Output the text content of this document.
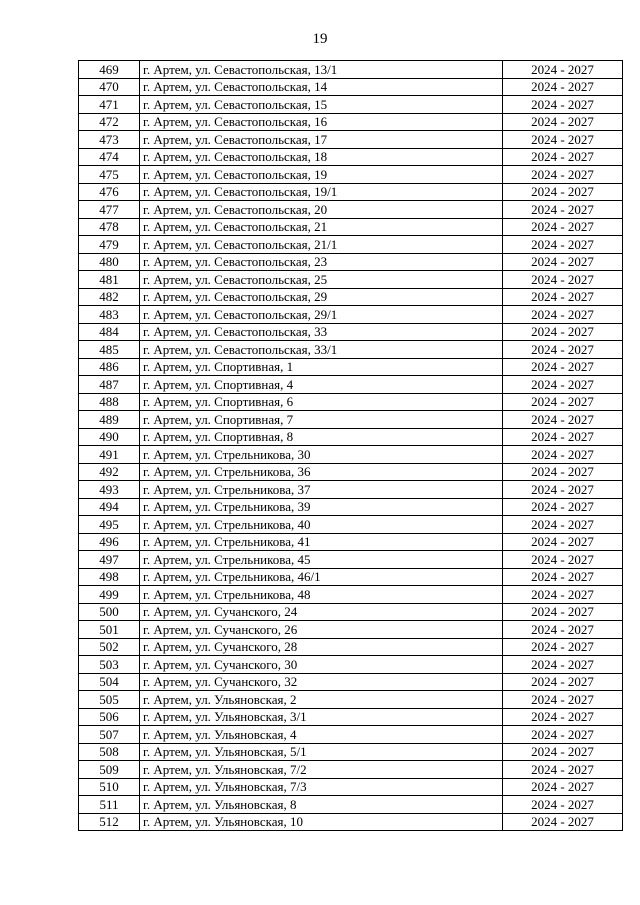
19
469	г. Артем, ул. Севастопольская, 13/1	2024 - 2027
470	г. Артем, ул. Севастопольская, 14	2024 - 2027
471	г. Артем, ул. Севастопольская, 15	2024 - 2027
472	г. Артем, ул. Севастопольская, 16	2024 - 2027
473	г. Артем, ул. Севастопольская, 17	2024 - 2027
474	г. Артем, ул. Севастопольская, 18	2024 - 2027
475	г. Артем, ул. Севастопольская, 19	2024 - 2027
476	г. Артем, ул. Севастопольская, 19/1	2024 - 2027
477	г. Артем, ул. Севастопольская, 20	2024 - 2027
478	г. Артем, ул. Севастопольская, 21	2024 - 2027
479	г. Артем, ул. Севастопольская, 21/1	2024 - 2027
480	г. Артем, ул. Севастопольская, 23	2024 - 2027
481	г. Артем, ул. Севастопольская, 25	2024 - 2027
482	г. Артем, ул. Севастопольская, 29	2024 - 2027
483	г. Артем, ул. Севастопольская, 29/1	2024 - 2027
484	г. Артем, ул. Севастопольская, 33	2024 - 2027
485	г. Артем, ул. Севастопольская, 33/1	2024 - 2027
486	г. Артем, ул. Спортивная, 1	2024 - 2027
487	г. Артем, ул. Спортивная, 4	2024 - 2027
488	г. Артем, ул. Спортивная, 6	2024 - 2027
489	г. Артем, ул. Спортивная, 7	2024 - 2027
490	г. Артем, ул. Спортивная, 8	2024 - 2027
491	г. Артем, ул. Стрельникова, 30	2024 - 2027
492	г. Артем, ул. Стрельникова, 36	2024 - 2027
493	г. Артем, ул. Стрельникова, 37	2024 - 2027
494	г. Артем, ул. Стрельникова, 39	2024 - 2027
495	г. Артем, ул. Стрельникова, 40	2024 - 2027
496	г. Артем, ул. Стрельникова, 41	2024 - 2027
497	г. Артем, ул. Стрельникова, 45	2024 - 2027
498	г. Артем, ул. Стрельникова, 46/1	2024 - 2027
499	г. Артем, ул. Стрельникова, 48	2024 - 2027
500	г. Артем, ул. Сучанского, 24	2024 - 2027
501	г. Артем, ул. Сучанского, 26	2024 - 2027
502	г. Артем, ул. Сучанского, 28	2024 - 2027
503	г. Артем, ул. Сучанского, 30	2024 - 2027
504	г. Артем, ул. Сучанского, 32	2024 - 2027
505	г. Артем, ул. Ульяновская, 2	2024 - 2027
506	г. Артем, ул. Ульяновская, 3/1	2024 - 2027
507	г. Артем, ул. Ульяновская, 4	2024 - 2027
508	г. Артем, ул. Ульяновская, 5/1	2024 - 2027
509	г. Артем, ул. Ульяновская, 7/2	2024 - 2027
510	г. Артем, ул. Ульяновская, 7/3	2024 - 2027
511	г. Артем, ул. Ульяновская, 8	2024 - 2027
512	г. Артем, ул. Ульяновская, 10	2024 - 2027
